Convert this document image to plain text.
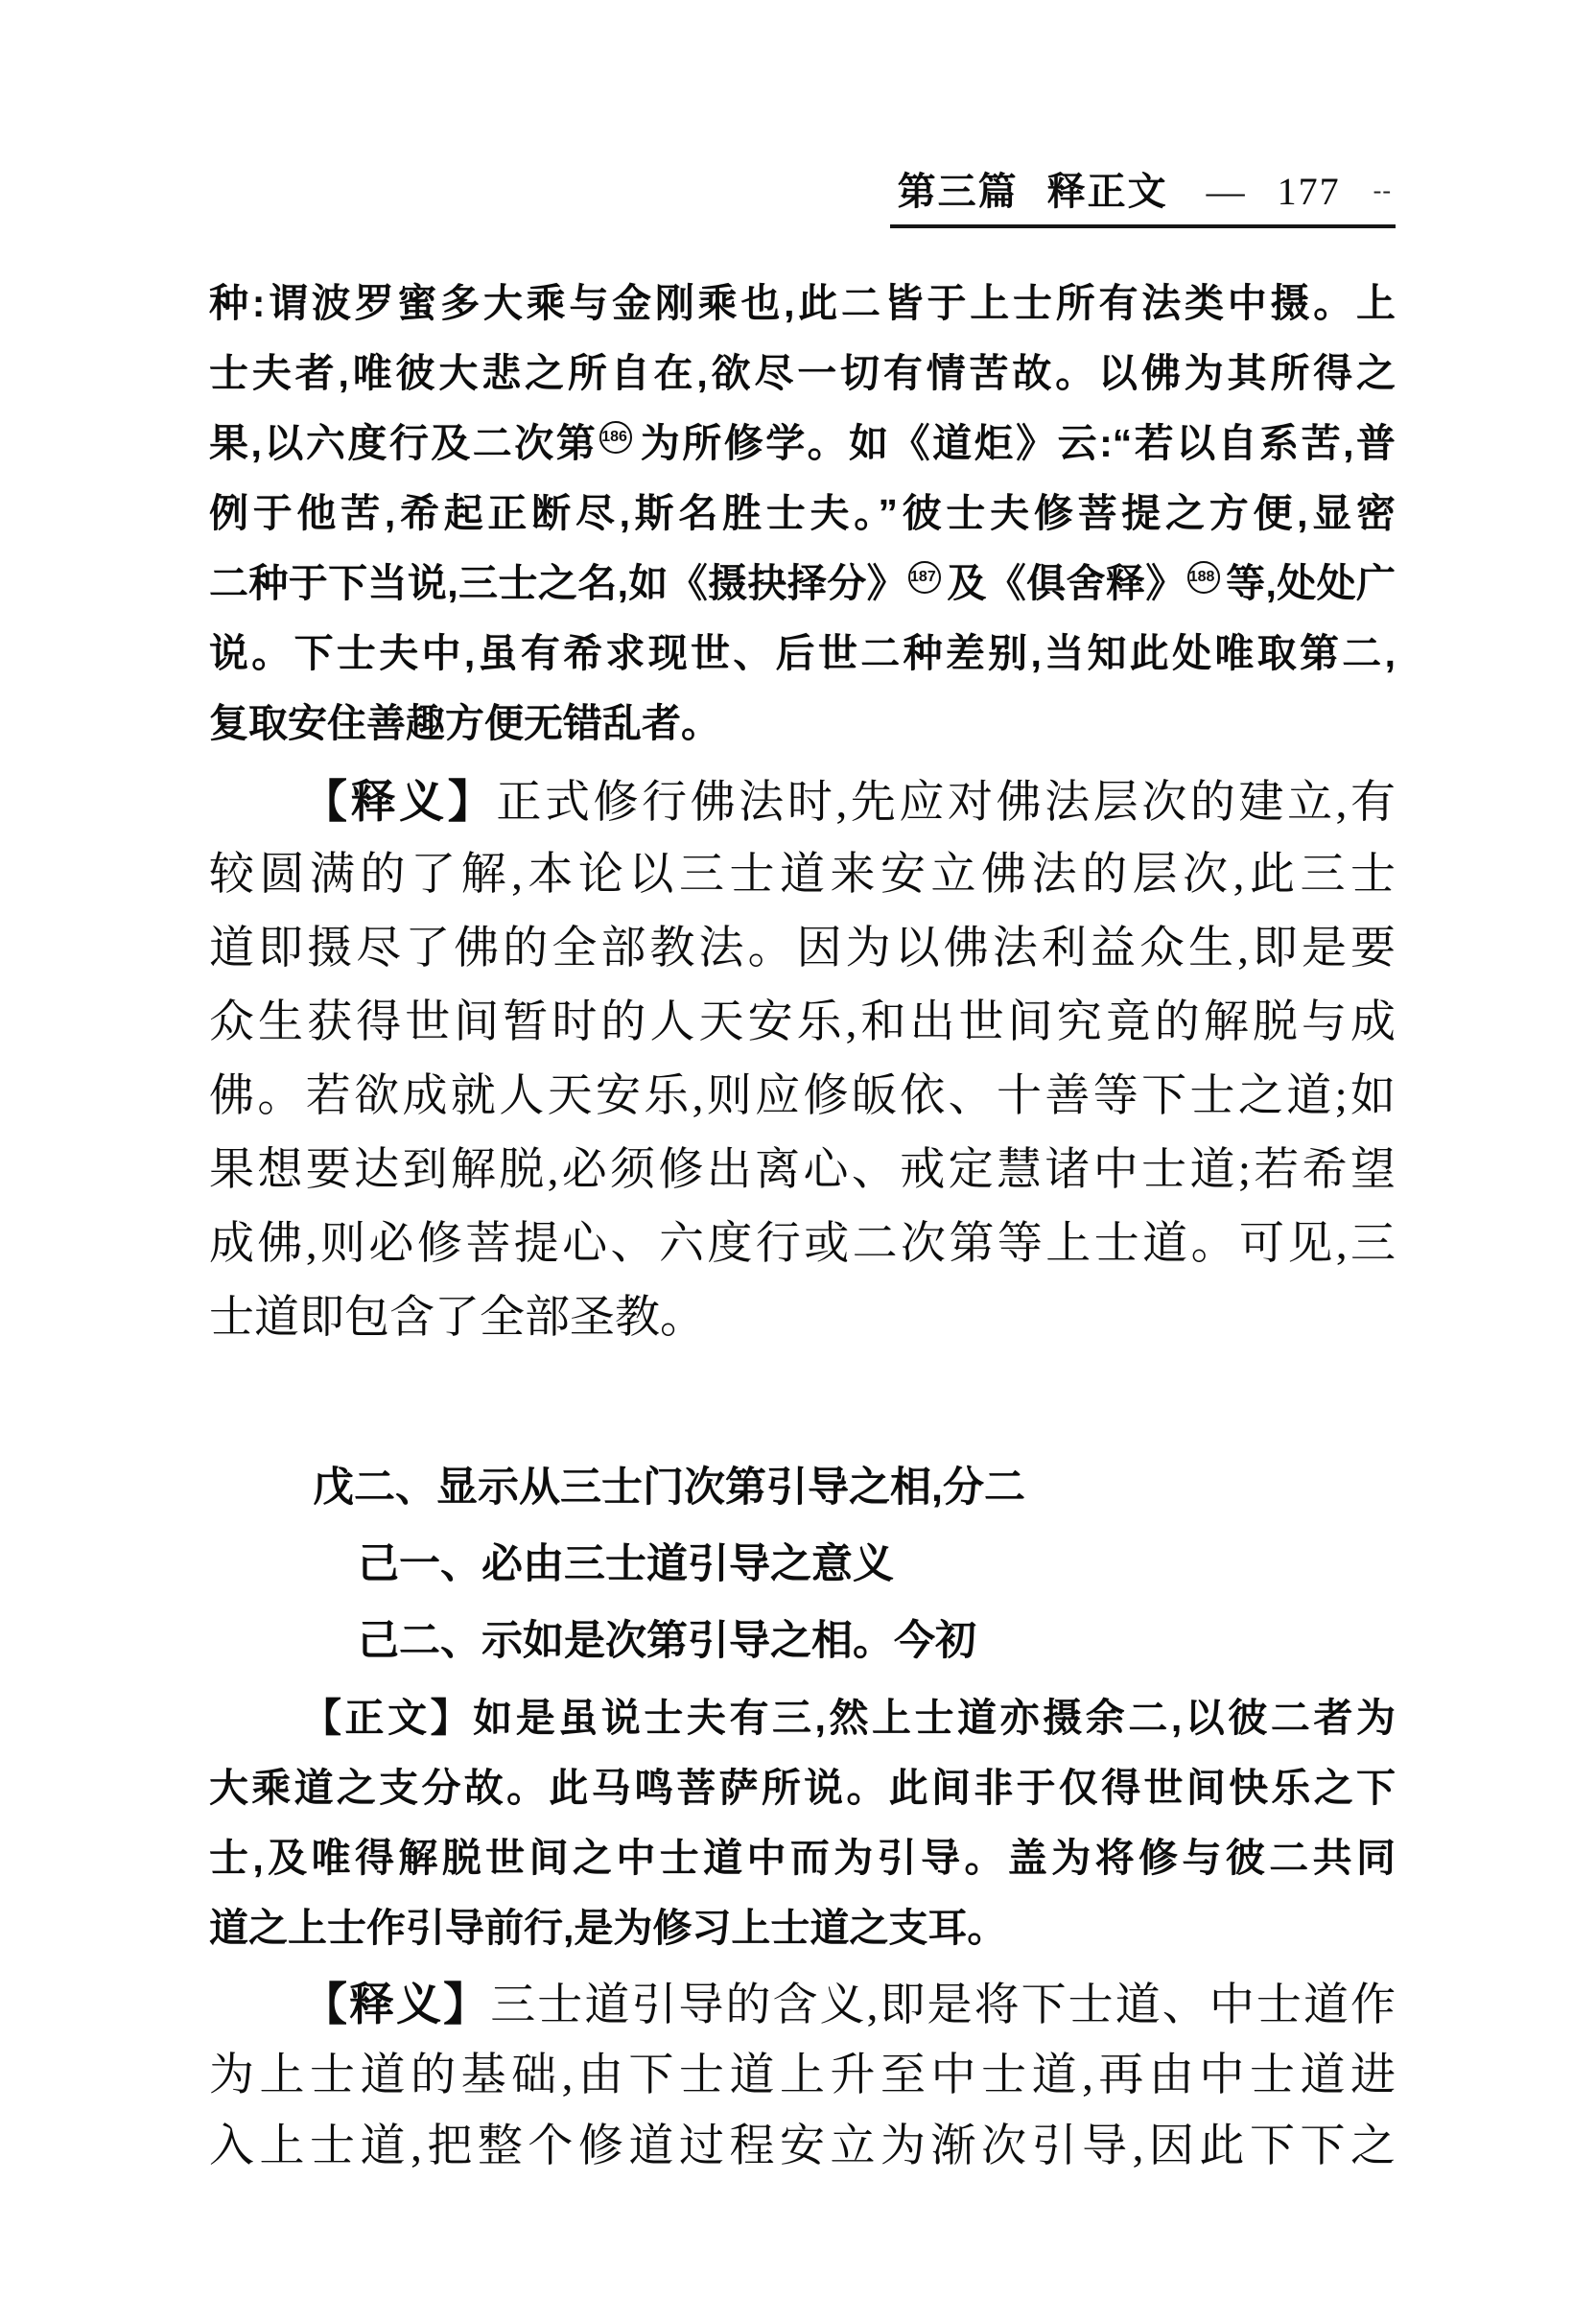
第三篇 释正文 — 177 --
种:谓波罗蜜多大乘与金刚乘也,此二皆于上士所有法类中摄。上
士夫者,唯彼大悲之所自在,欲尽一切有情苦故。以佛为其所得之
果,以六度行及二次第 186 为所修学。如《道炬》云:“若以自系苦,普
例于他苦,希起正断尽,斯名胜士夫。”彼士夫修菩提之方便,显密
二种于下当说,三士之名,如《摄抉择分》 187 及《俱舍释》 188 等,处处广
说。下士夫中,虽有希求现世、后世二种差别,当知此处唯取第二,
复取安住善趣方便无错乱者。
【释义】正式修行佛法时,先应对佛法层次的建立,有
较圆满的了解,本论以三士道来安立佛法的层次,此三士
道即摄尽了佛的全部教法。因为以佛法利益众生,即是要
众生获得世间暂时的人天安乐,和出世间究竟的解脱与成
佛。若欲成就人天安乐,则应修皈依、十善等下士之道;如
果想要达到解脱,必须修出离心、戒定慧诸中士道;若希望
成佛,则必修菩提心、六度行或二次第等上士道。可见,三
士道即包含了全部圣教。
戊二、显示从三士门次第引导之相,分二
己一、必由三士道引导之意义
己二、示如是次第引导之相。今初
【正文】如是虽说士夫有三,然上士道亦摄余二,以彼二者为
大乘道之支分故。此马鸣菩萨所说。此间非于仅得世间快乐之下
士,及唯得解脱世间之中士道中而为引导。盖为将修与彼二共同
道之上士作引导前行,是为修习上士道之支耳。
【释义】三士道引导的含义,即是将下士道、中士道作
为上士道的基础,由下士道上升至中士道,再由中士道进
入上士道,把整个修道过程安立为渐次引导,因此下下之
